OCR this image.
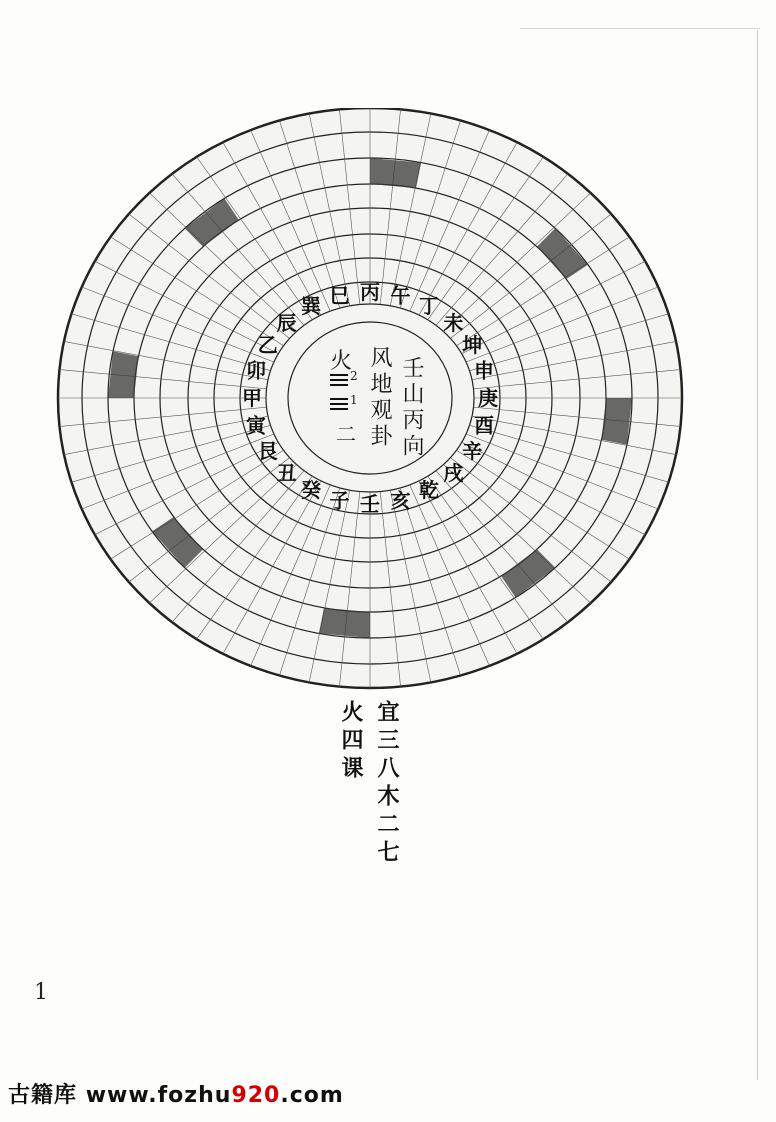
壬
子
癸
丑
艮
寅
甲
卯
乙
辰
巽 巳 丙 午 丁
未
坤
申
庚
酉
辛
戌
乾
亥
壬山丙向
风地观卦
火
2
1
二
宜三八木二七
火四课
1
古籍库 www.fozhu920.com
